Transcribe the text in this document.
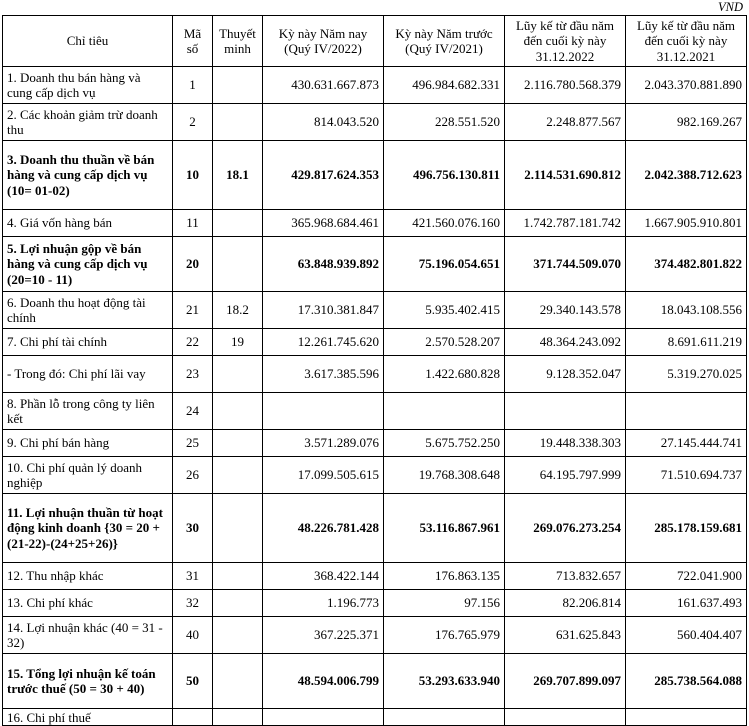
VND
Chỉ tiêu	Mã số	Thuyết minh	Kỳ này Năm nay (Quý IV/2022)	Kỳ này Năm trước (Quý IV/2021)	Lũy kế từ đầu năm đến cuối kỳ này 31.12.2022	Lũy kế từ đầu năm đến cuối kỳ này 31.12.2021
1. Doanh thu bán hàng và cung cấp dịch vụ	1		430.631.667.873	496.984.682.331	2.116.780.568.379	2.043.370.881.890
2. Các khoản giảm trừ doanh thu	2		814.043.520	228.551.520	2.248.877.567	982.169.267
3. Doanh thu thuần về bán hàng và cung cấp dịch vụ (10= 01-02)	10	18.1	429.817.624.353	496.756.130.811	2.114.531.690.812	2.042.388.712.623
4. Giá vốn hàng bán	11		365.968.684.461	421.560.076.160	1.742.787.181.742	1.667.905.910.801
5. Lợi nhuận gộp về bán hàng và cung cấp dịch vụ (20=10 - 11)	20		63.848.939.892	75.196.054.651	371.744.509.070	374.482.801.822
6. Doanh thu hoạt động tài chính	21	18.2	17.310.381.847	5.935.402.415	29.340.143.578	18.043.108.556
7. Chi phí tài chính	22	19	12.261.745.620	2.570.528.207	48.364.243.092	8.691.611.219
- Trong đó: Chi phí lãi vay	23		3.617.385.596	1.422.680.828	9.128.352.047	5.319.270.025
8. Phần lỗ trong công ty liên kết	24					
9. Chi phí bán hàng	25		3.571.289.076	5.675.752.250	19.448.338.303	27.145.444.741
10. Chi phí quản lý doanh nghiệp	26		17.099.505.615	19.768.308.648	64.195.797.999	71.510.694.737
11. Lợi nhuận thuần từ hoạt động kinh doanh {30 = 20 + (21-22)-(24+25+26)}	30		48.226.781.428	53.116.867.961	269.076.273.254	285.178.159.681
12. Thu nhập khác	31		368.422.144	176.863.135	713.832.657	722.041.900
13. Chi phí khác	32		1.196.773	97.156	82.206.814	161.637.493
14. Lợi nhuận khác (40 = 31 - 32)	40		367.225.371	176.765.979	631.625.843	560.404.407
15. Tổng lợi nhuận kế toán trước thuế (50 = 30 + 40)	50		48.594.006.799	53.293.633.940	269.707.899.097	285.738.564.088
16. Chi phí thuế						
